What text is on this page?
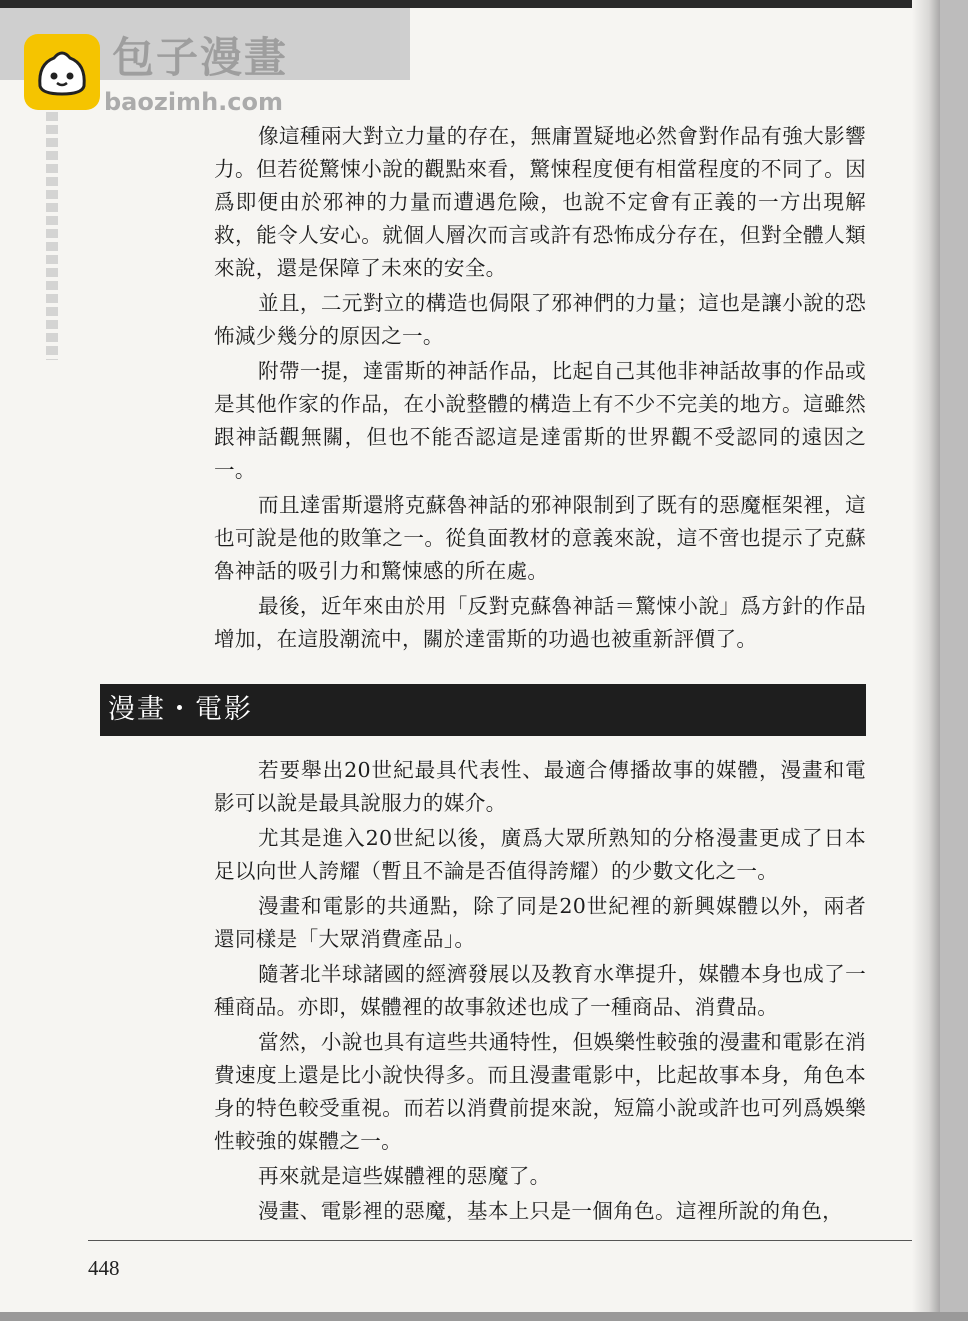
包子漫畫
baozimh.com

像這種兩大對立力量的存在，無庸置疑地必然會對作品有強大影響力。但若從驚悚小說的觀點來看，驚悚程度便有相當程度的不同了。因爲即便由於邪神的力量而遭遇危險，也說不定會有正義的一方出現解救，能令人安心。就個人層次而言或許有恐怖成分存在，但對全體人類來說，還是保障了未來的安全。

並且，二元對立的構造也侷限了邪神們的力量；這也是讓小說的恐怖減少幾分的原因之一。

附帶一提，達雷斯的神話作品，比起自己其他非神話故事的作品或是其他作家的作品，在小說整體的構造上有不少不完美的地方。這雖然跟神話觀無關，但也不能否認這是達雷斯的世界觀不受認同的遠因之一。

而且達雷斯還將克蘇魯神話的邪神限制到了既有的惡魔框架裡，這也可說是他的敗筆之一。從負面教材的意義來說，這不啻也提示了克蘇魯神話的吸引力和驚悚感的所在處。

最後，近年來由於用「反對克蘇魯神話＝驚悚小說」爲方針的作品增加，在這股潮流中，關於達雷斯的功過也被重新評價了。

漫畫・電影

若要舉出20世紀最具代表性、最適合傳播故事的媒體，漫畫和電影可以說是最具說服力的媒介。

尤其是進入20世紀以後，廣爲大眾所熟知的分格漫畫更成了日本足以向世人誇耀（暫且不論是否值得誇耀）的少數文化之一。

漫畫和電影的共通點，除了同是20世紀裡的新興媒體以外，兩者還同樣是「大眾消費產品」。

隨著北半球諸國的經濟發展以及教育水準提升，媒體本身也成了一種商品。亦即，媒體裡的故事敘述也成了一種商品、消費品。

當然，小說也具有這些共通特性，但娛樂性較強的漫畫和電影在消費速度上還是比小說快得多。而且漫畫電影中，比起故事本身，角色本身的特色較受重視。而若以消費前提來說，短篇小說或許也可列爲娛樂性較強的媒體之一。

再來就是這些媒體裡的惡魔了。

漫畫、電影裡的惡魔，基本上只是一個角色。這裡所說的角色，

448
